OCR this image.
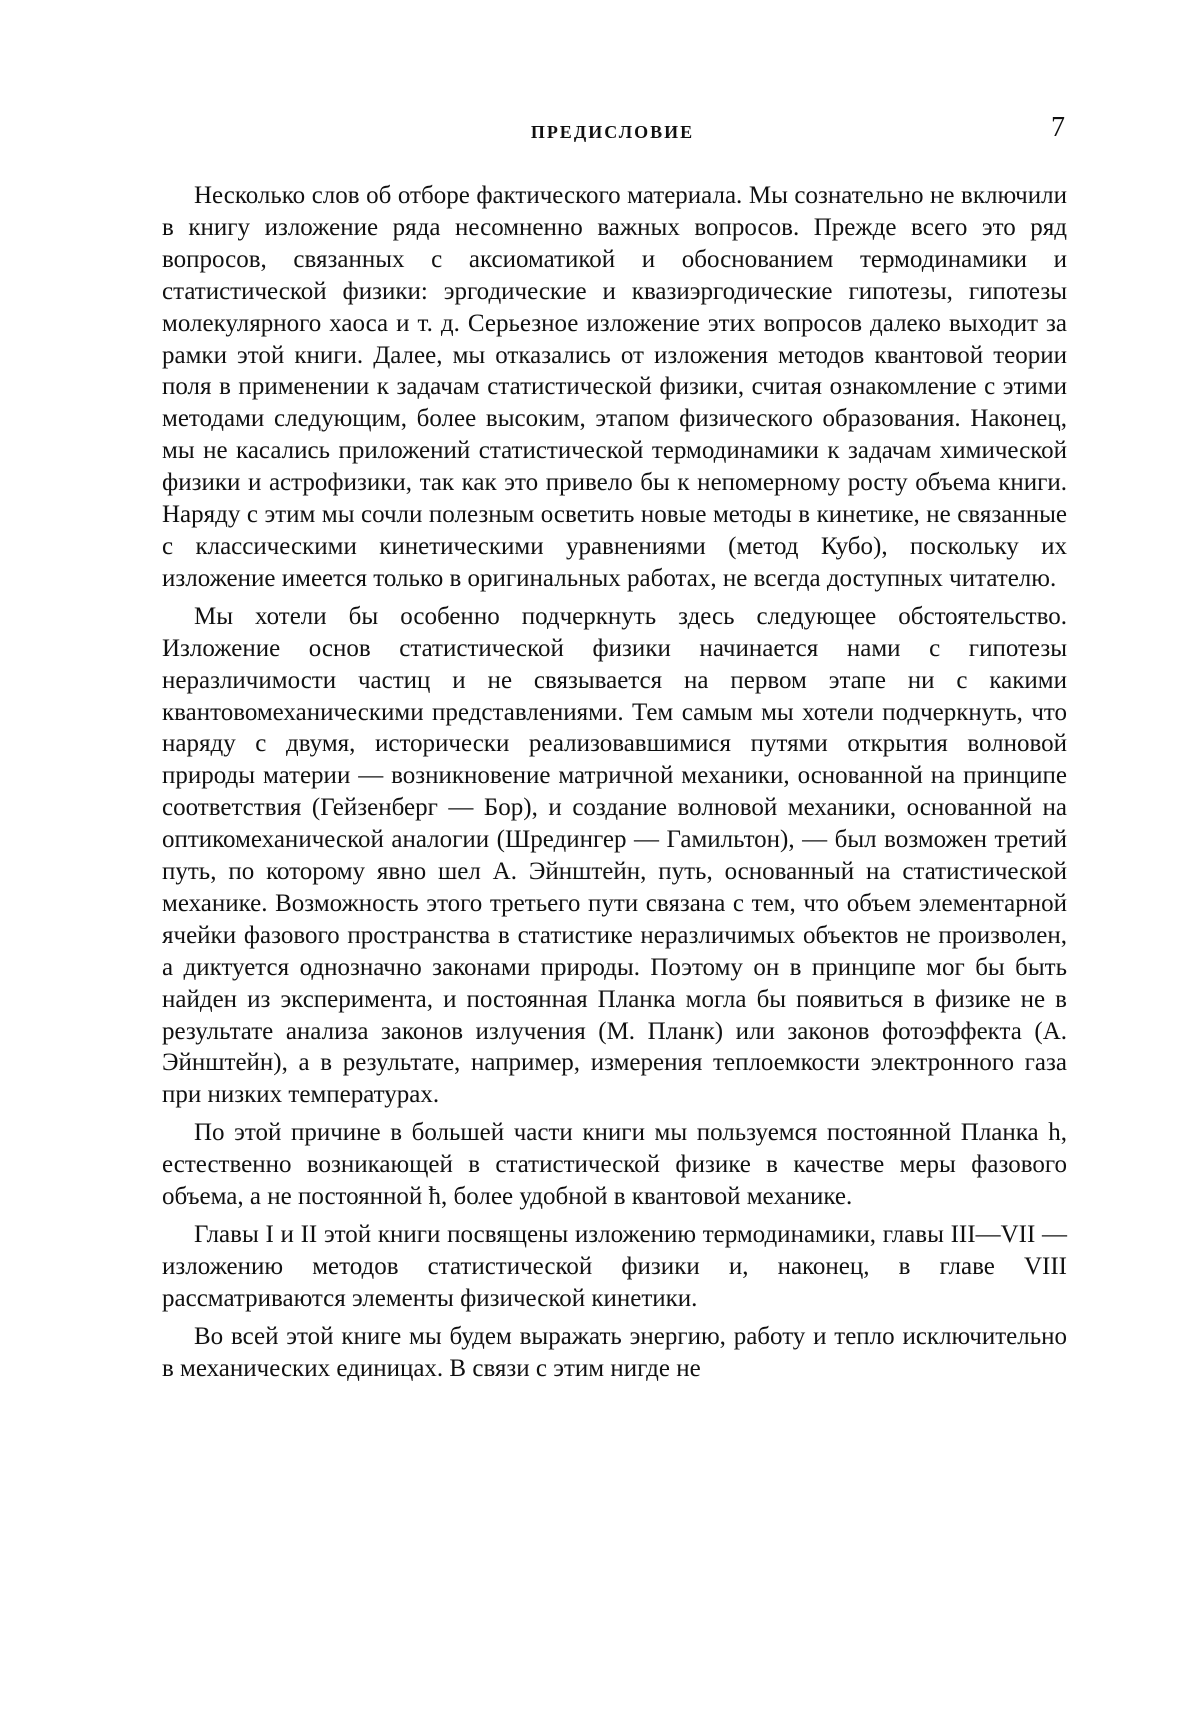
ПРЕДИСЛОВИЕ	7

Несколько слов об отборе фактического материала. Мы сознательно не включили в книгу изложение ряда несомненно важных вопросов. Прежде всего это ряд вопросов, связанных с аксиоматикой и обоснованием термодинамики и статистической физики: эргодические и квазиэргодические гипотезы, гипотезы молекулярного хаоса и т. д. Серьезное изложение этих вопросов далеко выходит за рамки этой книги. Далее, мы отказались от изложения методов квантовой теории поля в применении к задачам статистической физики, считая ознакомление с этими методами следующим, более высоким, этапом физического образования. Наконец, мы не касались приложений статистической термодинамики к задачам химической физики и астрофизики, так как это привело бы к непомерному росту объема книги. Наряду с этим мы сочли полезным осветить новые методы в кинетике, не связанные с классическими кинетическими уравнениями (метод Кубо), поскольку их изложение имеется только в оригинальных работах, не всегда доступных читателю.

Мы хотели бы особенно подчеркнуть здесь следующее обстоятельство. Изложение основ статистической физики начинается нами с гипотезы неразличимости частиц и не связывается на первом этапе ни с какими квантовомеханическими представлениями. Тем самым мы хотели подчеркнуть, что наряду с двумя, исторически реализовавшимися путями открытия волновой природы материи — возникновение матричной механики, основанной на принципе соответствия (Гейзенберг — Бор), и создание волновой механики, основанной на оптикомеханической аналогии (Шредингер — Гамильтон), — был возможен третий путь, по которому явно шел А. Эйнштейн, путь, основанный на статистической механике. Возможность этого третьего пути связана с тем, что объем элементарной ячейки фазового пространства в статистике неразличимых объектов не произволен, а диктуется однозначно законами природы. Поэтому он в принципе мог бы быть найден из эксперимента, и постоянная Планка могла бы появиться в физике не в результате анализа законов излучения (М. Планк) или законов фотоэффекта (А. Эйнштейн), а в результате, например, измерения теплоемкости электронного газа при низких температурах.

По этой причине в большей части книги мы пользуемся постоянной Планка h, естественно возникающей в статистической физике в качестве меры фазового объема, а не постоянной ħ, более удобной в квантовой механике.

Главы I и II этой книги посвящены изложению термодинамики, главы III—VII — изложению методов статистической физики и, наконец, в главе VIII рассматриваются элементы физической кинетики.

Во всей этой книге мы будем выражать энергию, работу и тепло исключительно в механических единицах. В связи с этим нигде не
